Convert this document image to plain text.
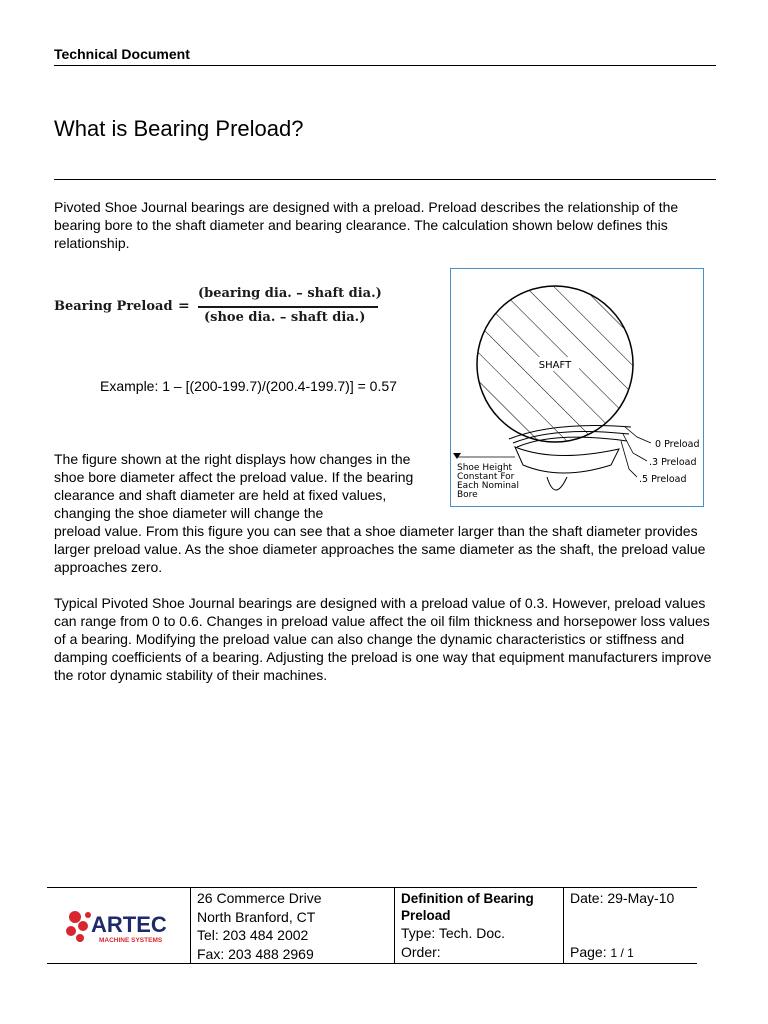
Technical Document
What is Bearing Preload?

Pivoted Shoe Journal bearings are designed with a preload. Preload describes the relationship of the bearing bore to the shaft diameter and bearing clearance. The calculation shown below defines this relationship.

Bearing Preload =
(bearing dia. – shaft dia.)
(shoe dia. – shaft dia.)
Example: 1 – [(200-199.7)/(200.4-199.7)] = 0.57
SHAFT
0 Preload
.3 Preload
.5 Preload
Shoe Height
Constant For
Each Nominal
Bore

The figure shown at the right displays how changes in the shoe bore diameter affect the preload value. If the bearing clearance and shaft diameter are held at fixed values, changing the shoe diameter will change the

preload value. From this figure you can see that a shoe diameter larger than the shaft diameter provides larger preload value. As the shoe diameter approaches the same diameter as the shaft, the preload value approaches zero.

Typical Pivoted Shoe Journal bearings are designed with a preload value of 0.3. However, preload values can range from 0 to 0.6. Changes in preload value affect the oil film thickness and horsepower loss values of a bearing. Modifying the preload value can also change the dynamic characteristics or stiffness and damping coefficients of a bearing. Adjusting the preload is one way that equipment manufacturers improve the rotor dynamic stability of their machines.

ARTEC
MACHINE SYSTEMS
26 Commerce Drive
North Branford, CT
Tel: 203 484 2002
Fax: 203 488 2969
Definition of Bearing Preload
Type: Tech. Doc.
Order:
Date: 29-May-10
Page: 1 / 1
